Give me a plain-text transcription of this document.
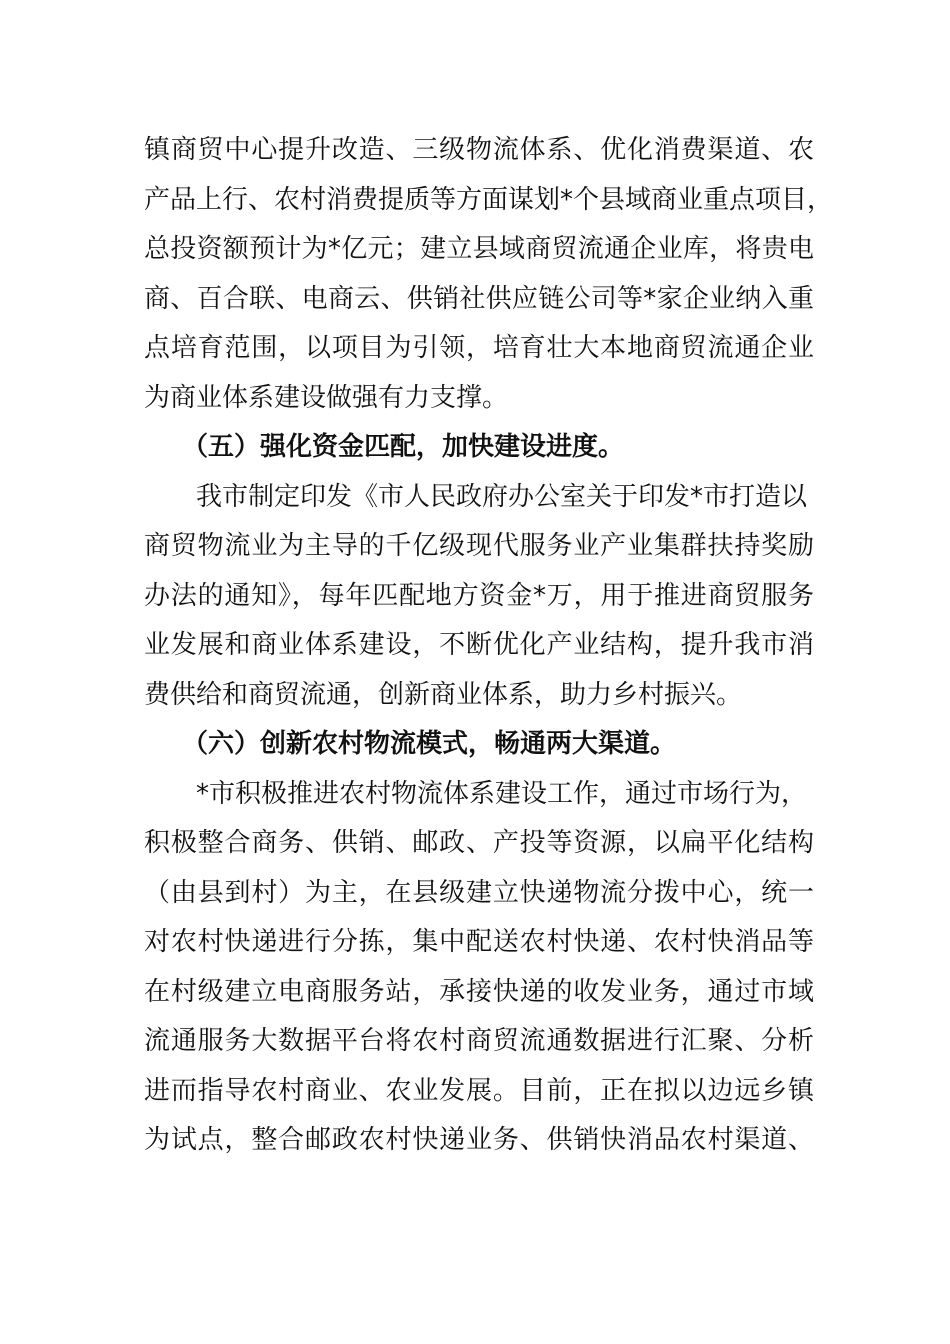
镇商贸中心提升改造、三级物流体系、优化消费渠道、农
产品上行、农村消费提质等方面谋划*个县域商业重点项目，
总投资额预计为*亿元；建立县域商贸流通企业库，将贵电
商、百合联、电商云、供销社供应链公司等*家企业纳入重
点培育范围，以项目为引领，培育壮大本地商贸流通企业
为商业体系建设做强有力支撑。
（五）强化资金匹配，加快建设进度。
我市制定印发《市人民政府办公室关于印发*市打造以
商贸物流业为主导的千亿级现代服务业产业集群扶持奖励
办法的通知》，每年匹配地方资金*万，用于推进商贸服务
业发展和商业体系建设，不断优化产业结构，提升我市消
费供给和商贸流通，创新商业体系，助力乡村振兴。
（六）创新农村物流模式，畅通两大渠道。
*市积极推进农村物流体系建设工作，通过市场行为，
积极整合商务、供销、邮政、产投等资源，以扁平化结构
（由县到村）为主，在县级建立快递物流分拨中心，统一
对农村快递进行分拣，集中配送农村快递、农村快消品等
在村级建立电商服务站，承接快递的收发业务，通过市域
流通服务大数据平台将农村商贸流通数据进行汇聚、分析
进而指导农村商业、农业发展。目前，正在拟以边远乡镇
为试点，整合邮政农村快递业务、供销快消品农村渠道、
